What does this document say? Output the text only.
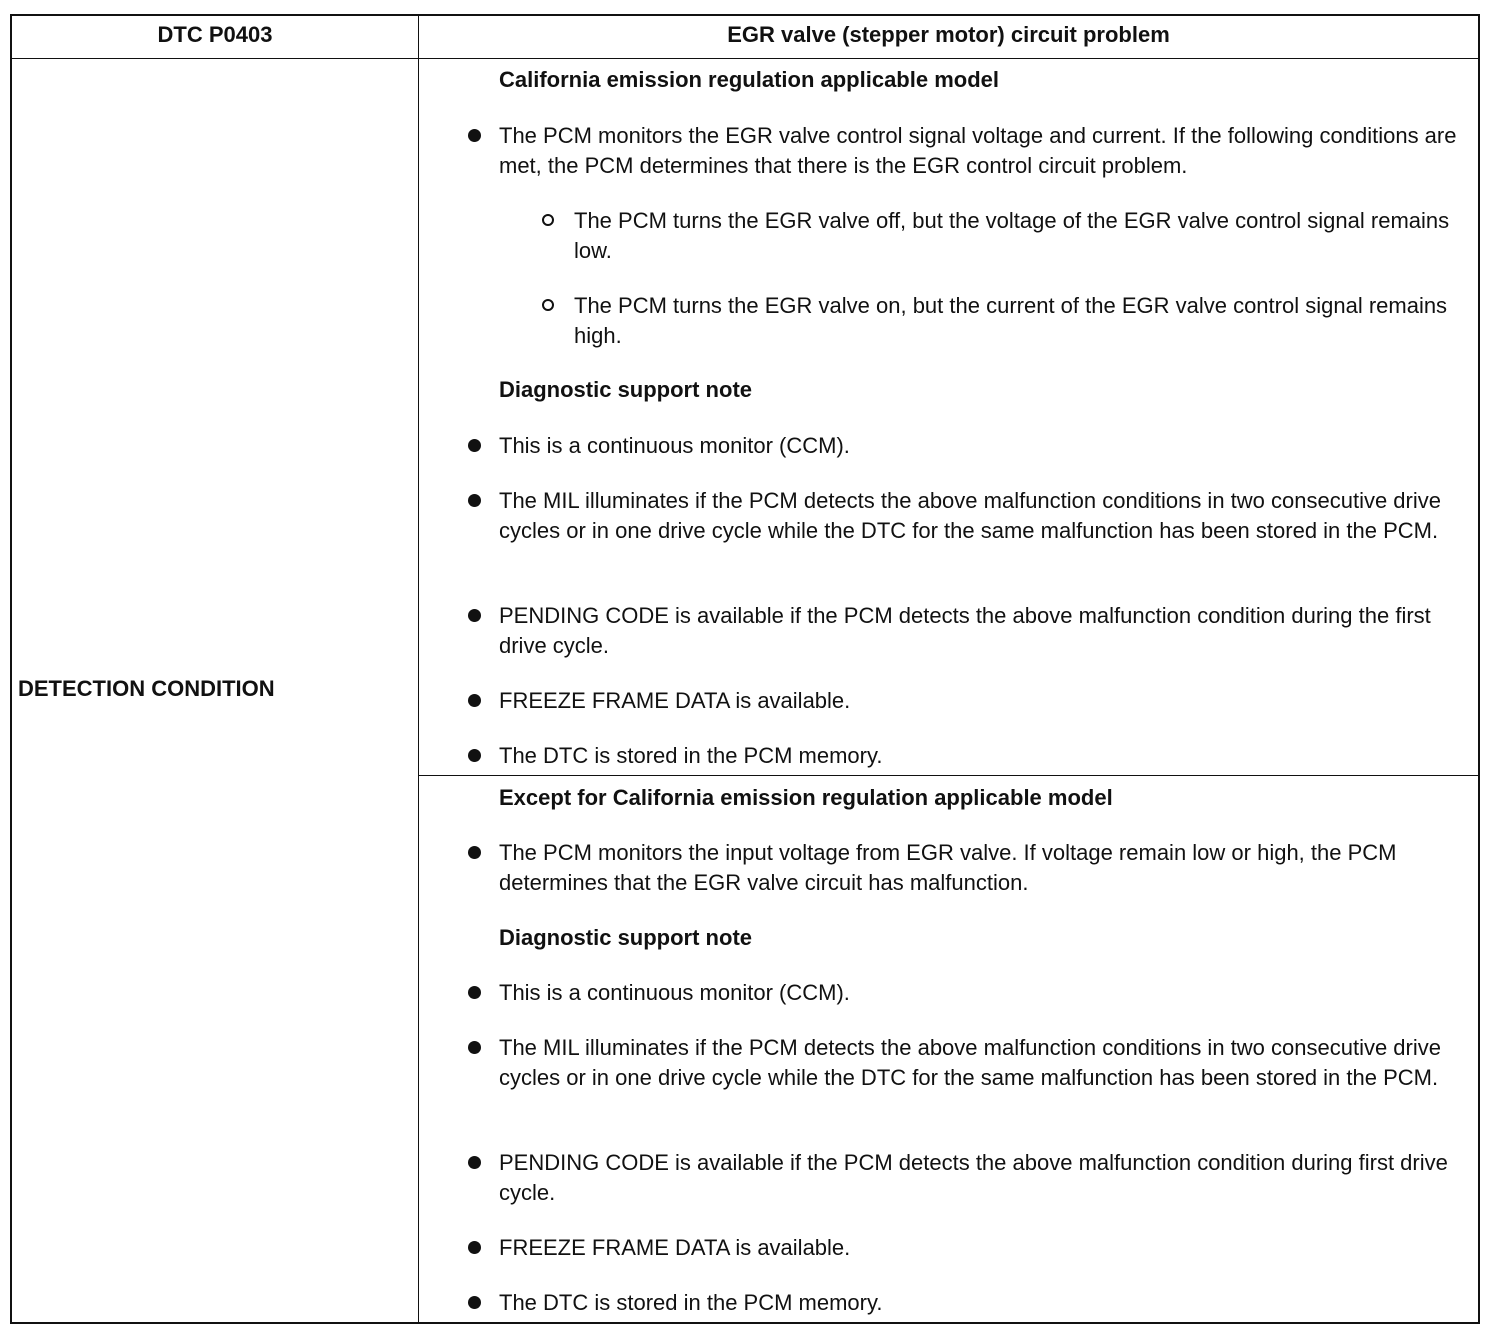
DTC P0403	EGR valve (stepper motor) circuit problem
DETECTION CONDITION
California emission regulation applicable model
The PCM monitors the EGR valve control signal voltage and current. If the following conditions are met, the PCM determines that there is the EGR control circuit problem.
The PCM turns the EGR valve off, but the voltage of the EGR valve control signal remains low.
The PCM turns the EGR valve on, but the current of the EGR valve control signal remains high.
Diagnostic support note
This is a continuous monitor (CCM).
The MIL illuminates if the PCM detects the above malfunction conditions in two consecutive drive cycles or in one drive cycle while the DTC for the same malfunction has been stored in the PCM.
PENDING CODE is available if the PCM detects the above malfunction condition during the first drive cycle.
FREEZE FRAME DATA is available.
The DTC is stored in the PCM memory.
Except for California emission regulation applicable model
The PCM monitors the input voltage from EGR valve. If voltage remain low or high, the PCM determines that the EGR valve circuit has malfunction.
Diagnostic support note
This is a continuous monitor (CCM).
The MIL illuminates if the PCM detects the above malfunction conditions in two consecutive drive cycles or in one drive cycle while the DTC for the same malfunction has been stored in the PCM.
PENDING CODE is available if the PCM detects the above malfunction condition during first drive cycle.
FREEZE FRAME DATA is available.
The DTC is stored in the PCM memory.
